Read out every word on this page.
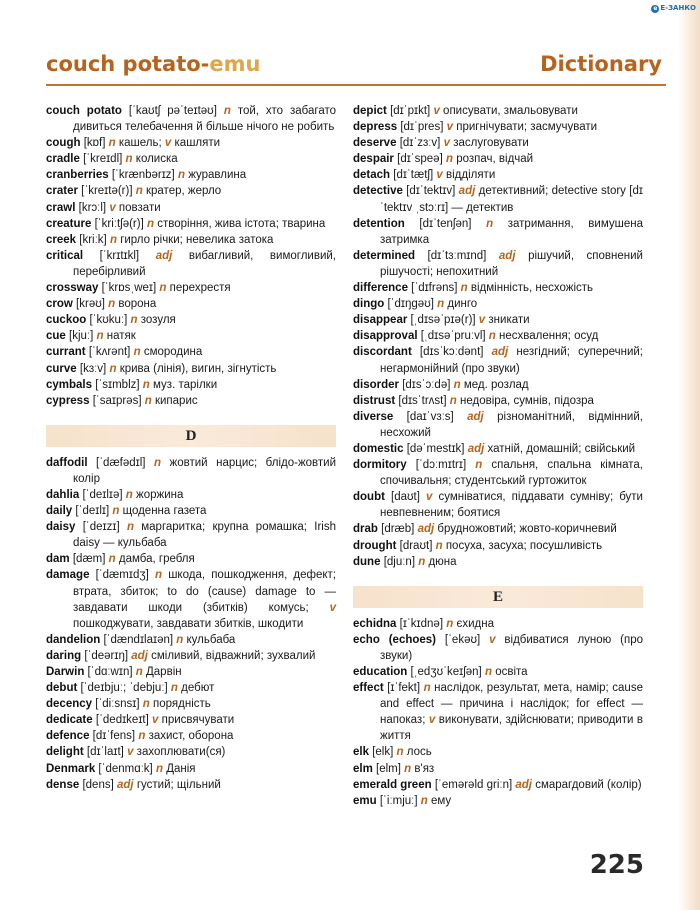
e Е-ЗАНКО
couch potato-emu	Dictionary

couch potato [ˈkaʊtʃ pəˈteɪtəʊ] n той, хто забагато дивиться телебачення й більше нічого не робить

cough [kɒf] n кашель; v кашляти

cradle [ˈkreɪdl] n колиска

cranberries [ˈkrænbərɪz] n журавлина

crater [ˈkreɪtə(r)] n кратер, жерло

crawl [krɔːl] v повзати

creature [ˈkriːtʃə(r)] n створіння, жива істота; тварина

creek [kriːk] n гирло річки; невелика затока

critical [ˈkrɪtɪkl] adj вибагливий, вимогливий, перебірливий

crossway [ˈkrɒsˌweɪ] n перехрестя

crow [krəʊ] n ворона

cuckoo [ˈkʊkuː] n зозуля

cue [kjuː] n натяк

currant [ˈkʌrənt] n смородина

curve [kɜːv] n крива (лінія), вигин, зігнутість

cymbals [ˈsɪmblz] n муз. тарілки

cypress [ˈsaɪprəs] n кипарис

D

daffodil [ˈdæfədɪl] n жовтий нарцис; блідо-жовтий колір

dahlia [ˈdeɪlɪə] n жоржина

daily [ˈdeɪlɪ] n щоденна газета

daisy [ˈdeɪzɪ] n маргаритка; крупна ромашка; Irish daisy — кульбаба

dam [dæm] n дамба, гребля

damage [ˈdæmɪdʒ] n шкода, пошкодження, дефект; втрата, збиток; to do (cause) damage to — завдавати шкоди (збитків) комусь; v пошкоджувати, завдавати збитків, шкодити

dandelion [ˈdændɪlaɪən] n кульбаба

daring [ˈdeərɪŋ] adj сміливий, відважний; зухвалий

Darwin [ˈdɑːwɪn] n Дарвін

debut [ˈdeɪbjuː; ˈdebjuː] n дебют

decency [ˈdiːsnsɪ] n порядність

dedicate [ˈdedɪkeɪt] v присвячувати

defence [dɪˈfens] n захист, оборона

delight [dɪˈlaɪt] v захоплювати(ся)

Denmark [ˈdenmɑːk] n Данія

dense [dens] adj густий; щільний

depict [dɪˈpɪkt] v описувати, змальовувати

depress [dɪˈpres] v пригнічувати; засмучувати

deserve [dɪˈzɜːv] v заслуговувати

despair [dɪˈspeə] n розпач, відчай

detach [dɪˈtætʃ] v відділяти

detective [dɪˈtektɪv] adj детективний; detective story [dɪˈtektɪv ˌstɔːrɪ] — детектив

detention [dɪˈtenʃən] n затримання, вимушена затримка

determined [dɪˈtɜːmɪnd] adj рішучий, сповнений рішучості; непохитний

difference [ˈdɪfrəns] n відмінність, несхожість

dingo [ˈdɪŋgəʊ] n динго

disappear [ˌdɪsəˈpɪə(r)] v зникати

disapproval [ˌdɪsəˈpruːvl] n несхвалення; осуд

discordant [dɪsˈkɔːdənt] adj незгідний; суперечний; негармонійний (про звуки)

disorder [dɪsˈɔːdə] n мед. розлад

distrust [dɪsˈtrʌst] n недовіра, сумнів, підозра

diverse [daɪˈvɜːs] adj різноманітний, відмінний, несхожий

domestic [dəˈmestɪk] adj хатній, домашній; свійський

dormitory [ˈdɔːmɪtrɪ] n спальня, спальна кімната, спочивальня; студентський гуртожиток

doubt [daʊt] v сумніватися, піддавати сумніву; бути невпевненим; боятися

drab [dræb] adj брудножовтий; жовто-коричневий

drought [draʊt] n посуха, засуха; посушливість

dune [djuːn] n дюна

E

echidna [ɪˈkɪdnə] n єхидна

echo (echoes) [ˈekəʊ] v відбиватися луною (про звуки)

education [ˌedʒʊˈkeɪʃən] n освіта

effect [ɪˈfekt] n наслідок, результат, мета, намір; cause and effect — причина і наслідок; for effect — напоказ; v виконувати, здійснювати; приводити в життя

elk [elk] n лось

elm [elm] n в'яз

emerald green [ˈemərəld griːn] adj смарагдовий (колір)

emu [ˈiːmjuː] n ему

225
